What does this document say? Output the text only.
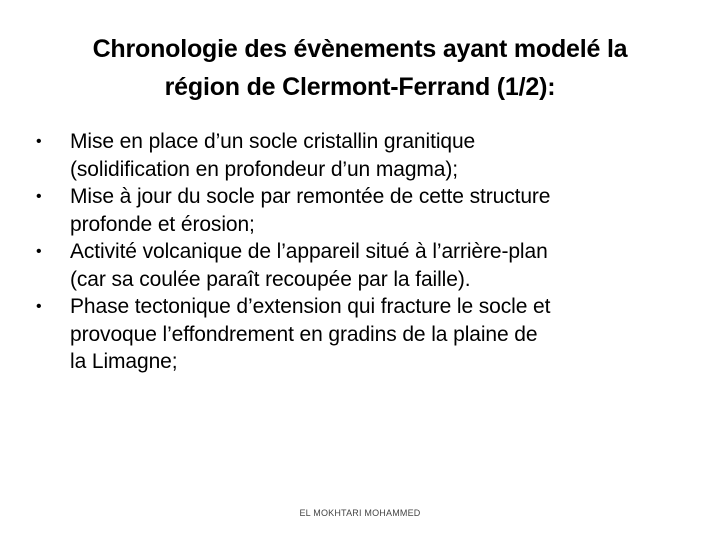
Chronologie des évènements ayant modelé la
région de Clermont-Ferrand (1/2):
•	Mise en place d’un socle cristallin granitique
(solidification en profondeur d’un magma);
•	Mise à jour du socle par remontée de cette structure
profonde et érosion;
•	Activité volcanique de l’appareil situé à l’arrière-plan
(car sa coulée paraît recoupée par la faille).
•	Phase tectonique d’extension qui fracture le socle et
provoque l’effondrement en gradins de la plaine de
la Limagne;
EL MOKHTARI MOHAMMED
